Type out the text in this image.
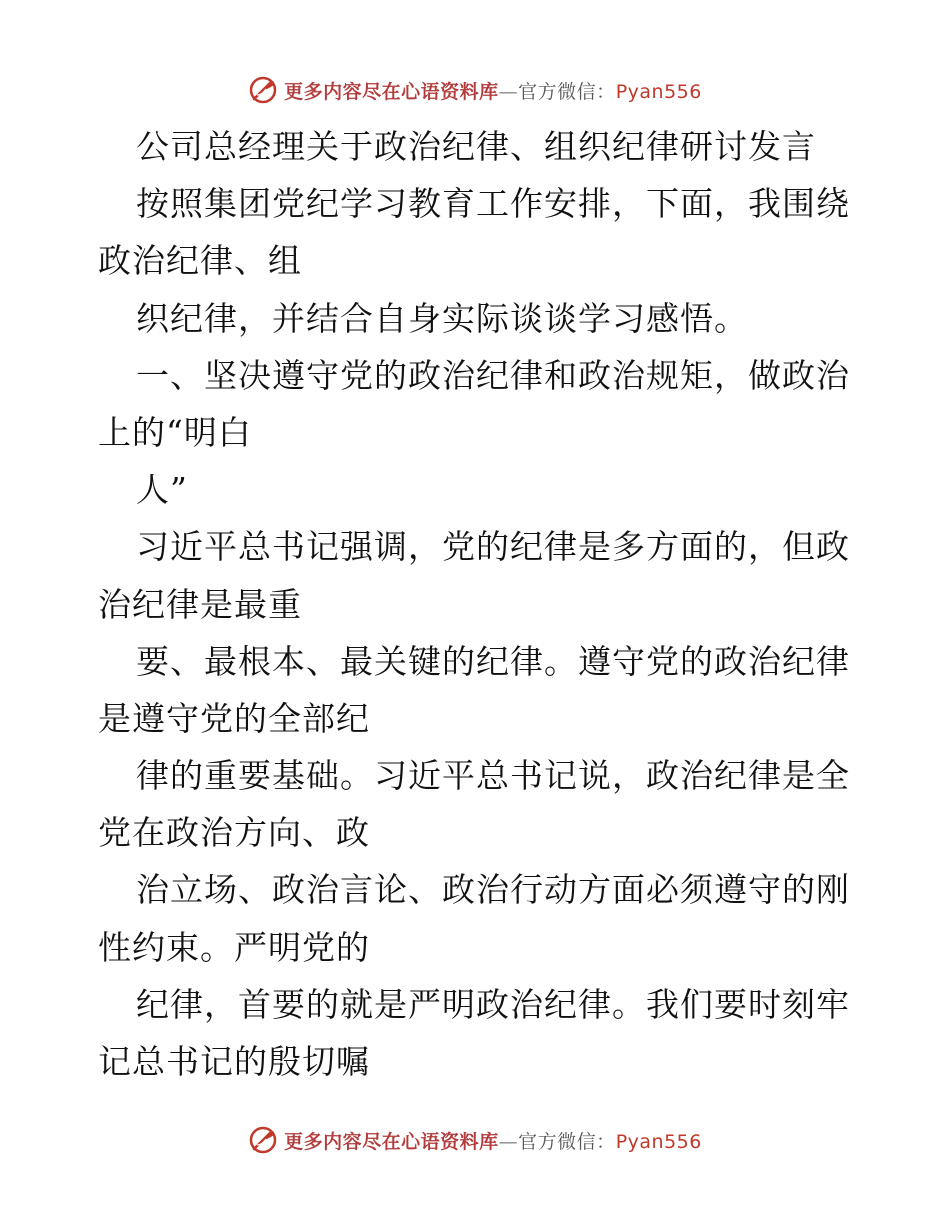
更多内容尽在心语资料库—官方微信：Pyan556
公司总经理关于政治纪律、组织纪律研讨发言
按照集团党纪学习教育工作安排，下面，我围绕
政治纪律、组
织纪律，并结合自身实际谈谈学习感悟。
一、坚决遵守党的政治纪律和政治规矩，做政治
上的“明白
人”
习近平总书记强调，党的纪律是多方面的，但政
治纪律是最重
要、最根本、最关键的纪律。遵守党的政治纪律
是遵守党的全部纪
律的重要基础。习近平总书记说，政治纪律是全
党在政治方向、政
治立场、政治言论、政治行动方面必须遵守的刚
性约束。严明党的
纪律，首要的就是严明政治纪律。我们要时刻牢
记总书记的殷切嘱
更多内容尽在心语资料库—官方微信：Pyan556
